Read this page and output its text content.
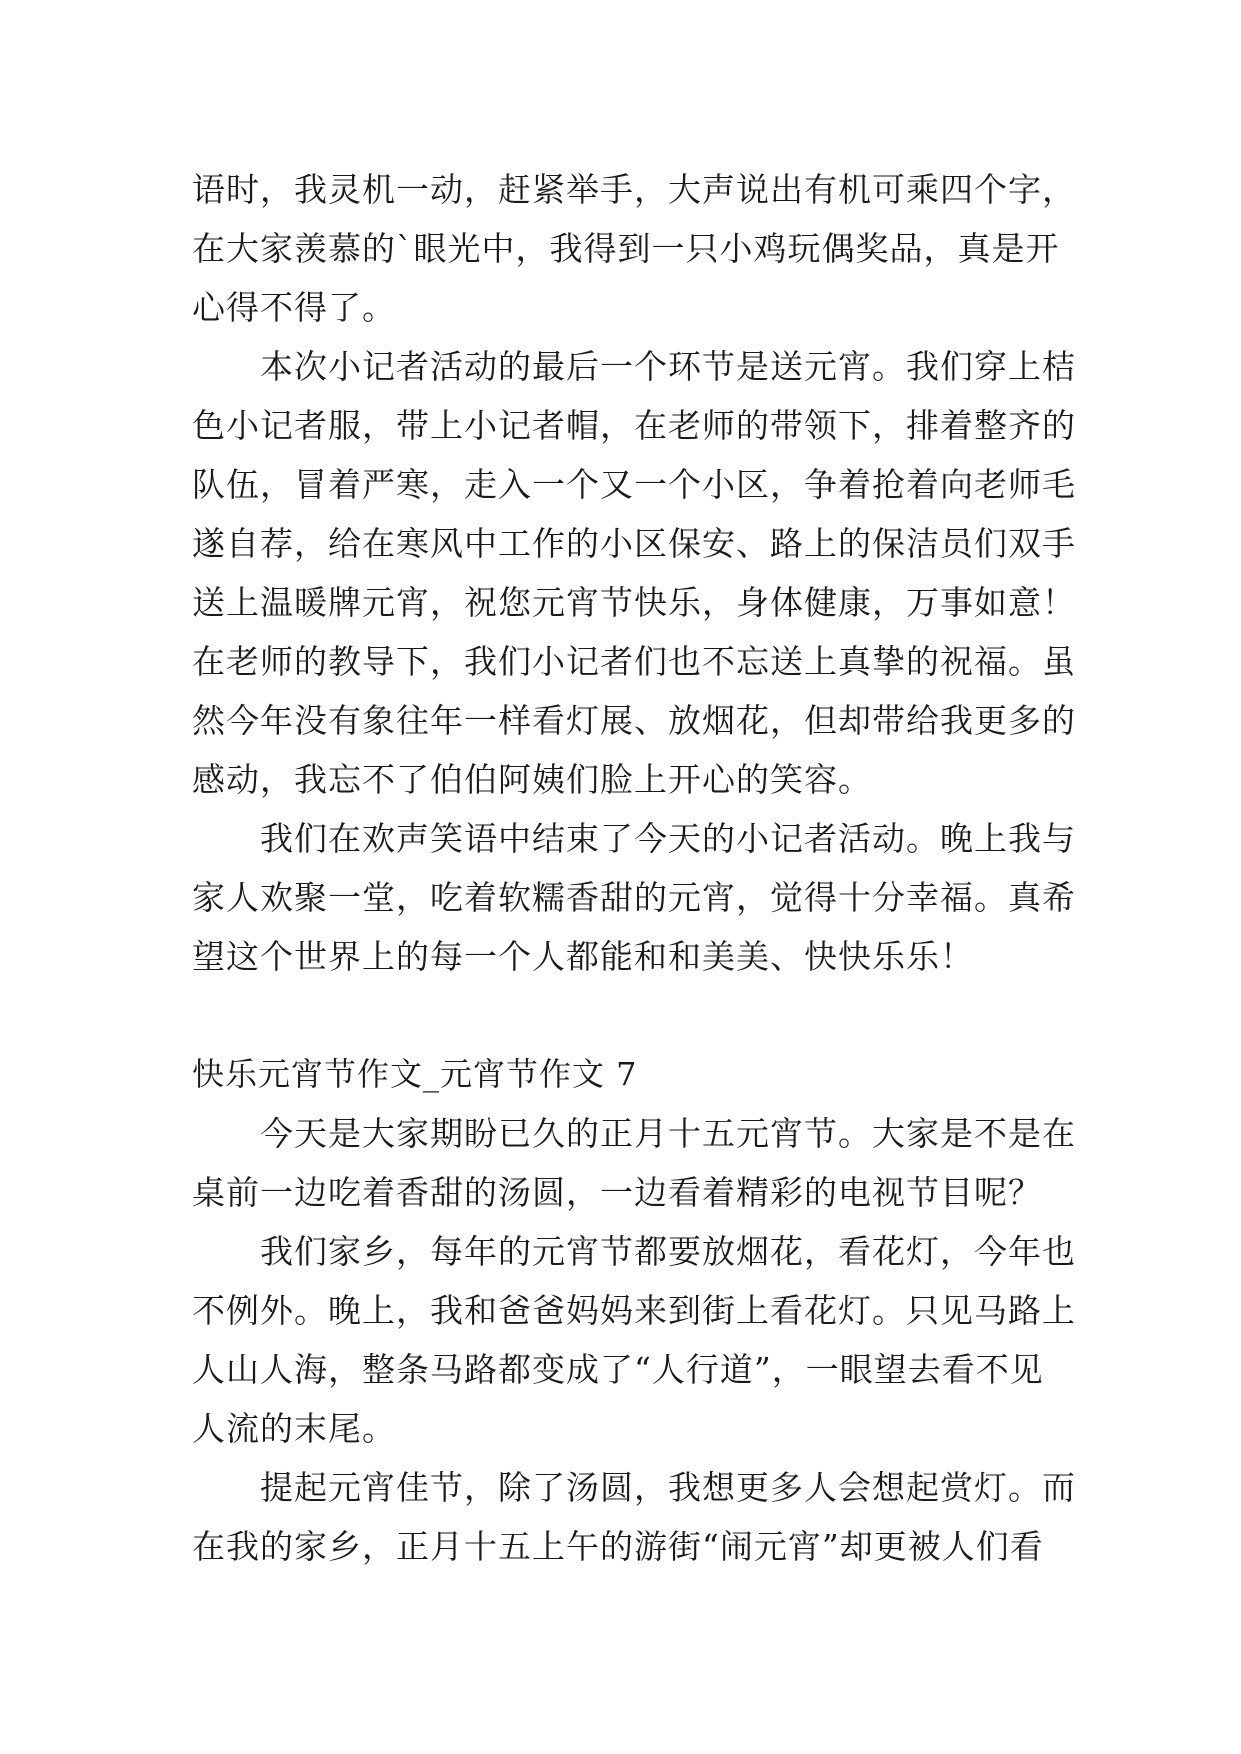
语时，我灵机一动，赶紧举手，大声说出有机可乘四个字，
在大家羡慕的`眼光中，我得到一只小鸡玩偶奖品，真是开
心得不得了。
本次小记者活动的最后一个环节是送元宵。我们穿上桔
色小记者服，带上小记者帽，在老师的带领下，排着整齐的
队伍，冒着严寒，走入一个又一个小区，争着抢着向老师毛
遂自荐，给在寒风中工作的小区保安、路上的保洁员们双手
送上温暖牌元宵，祝您元宵节快乐，身体健康，万事如意！
在老师的教导下，我们小记者们也不忘送上真挚的祝福。虽
然今年没有象往年一样看灯展、放烟花，但却带给我更多的
感动，我忘不了伯伯阿姨们脸上开心的笑容。
我们在欢声笑语中结束了今天的小记者活动。晚上我与
家人欢聚一堂，吃着软糯香甜的元宵，觉得十分幸福。真希
望这个世界上的每一个人都能和和美美、快快乐乐！
快乐元宵节作文_元宵节作文 7
今天是大家期盼已久的正月十五元宵节。大家是不是在
桌前一边吃着香甜的汤圆，一边看着精彩的电视节目呢？
我们家乡，每年的元宵节都要放烟花，看花灯，今年也
不例外。晚上，我和爸爸妈妈来到街上看花灯。只见马路上
人山人海，整条马路都变成了“人行道”，一眼望去看不见
人流的末尾。
提起元宵佳节，除了汤圆，我想更多人会想起赏灯。而
在我的家乡，正月十五上午的游街“闹元宵”却更被人们看
